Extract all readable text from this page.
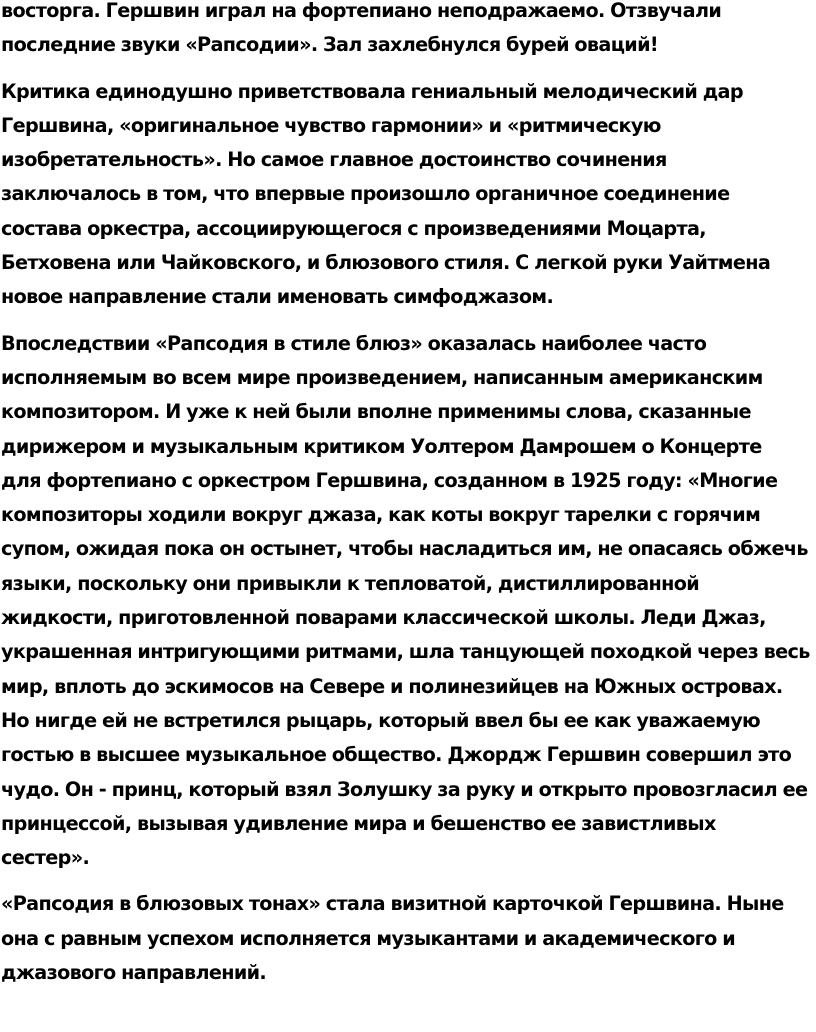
восторга. Гершвин играл на фортепиано неподражаемо. Отзвучали
последние звуки «Рапсодии». Зал захлебнулся бурей оваций!

Критика единодушно приветствовала гениальный мелодический дар
Гершвина, «оригинальное чувство гармонии» и «ритмическую
изобретательность». Но самое главное достоинство сочинения
заключалось в том, что впервые произошло органичное соединение
состава оркестра, ассоциирующегося с произведениями Моцарта,
Бетховена или Чайковского, и блюзового стиля. С легкой руки Уайтмена
новое направление стали именовать симфоджазом.

Впоследствии «Рапсодия в стиле блюз» оказалась наиболее часто
исполняемым во всем мире произведением, написанным американским
композитором. И уже к ней были вполне применимы слова, сказанные
дирижером и музыкальным критиком Уолтером Дамрошем о Концерте
для фортепиано с оркестром Гершвина, созданном в 1925 году: «Многие
композиторы ходили вокруг джаза, как коты вокруг тарелки с горячим
супом, ожидая пока он остынет, чтобы насладиться им, не опасаясь обжечь
языки, поскольку они привыкли к тепловатой, дистиллированной
жидкости, приготовленной поварами классической школы. Леди Джаз,
украшенная интригующими ритмами, шла танцующей походкой через весь
мир, вплоть до эскимосов на Севере и полинезийцев на Южных островах.
Но нигде ей не встретился рыцарь, который ввел бы ее как уважаемую
гостью в высшее музыкальное общество. Джордж Гершвин совершил это
чудо. Он - принц, который взял Золушку за руку и открыто провозгласил ее
принцессой, вызывая удивление мира и бешенство ее завистливых
сестер».

«Рапсодия в блюзовых тонах» стала визитной карточкой Гершвина. Ныне
она с равным успехом исполняется музыкантами и академического и
джазового направлений.
